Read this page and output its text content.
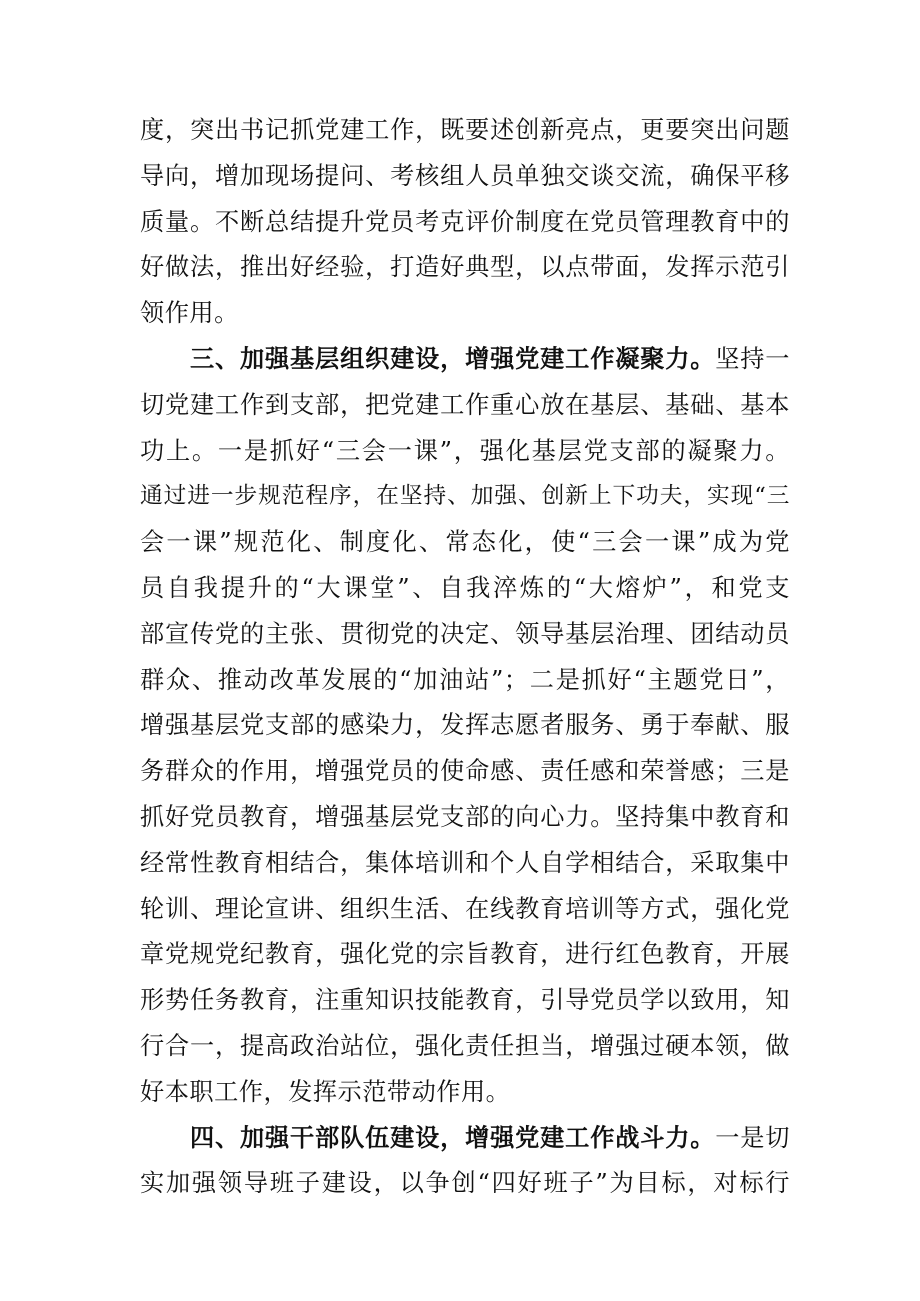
度，突出书记抓党建工作，既要述创新亮点，更要突出问题
导向，增加现场提问、考核组人员单独交谈交流，确保平移
质量。不断总结提升党员考克评价制度在党员管理教育中的
好做法，推出好经验，打造好典型，以点带面，发挥示范引
领作用。
三、加强基层组织建设，增强党建工作凝聚力。坚持一
切党建工作到支部，把党建工作重心放在基层、基础、基本
功上。一是抓好“三会一课”，强化基层党支部的凝聚力。
通过进一步规范程序，在坚持、加强、创新上下功夫，实现“三
会一课”规范化、制度化、常态化，使“三会一课”成为党
员自我提升的“大课堂”、自我淬炼的“大熔炉”，和党支
部宣传党的主张、贯彻党的决定、领导基层治理、团结动员
群众、推动改革发展的“加油站”；二是抓好“主题党日”，
增强基层党支部的感染力，发挥志愿者服务、勇于奉献、服
务群众的作用，增强党员的使命感、责任感和荣誉感；三是
抓好党员教育，增强基层党支部的向心力。坚持集中教育和
经常性教育相结合，集体培训和个人自学相结合，采取集中
轮训、理论宣讲、组织生活、在线教育培训等方式，强化党
章党规党纪教育，强化党的宗旨教育，进行红色教育，开展
形势任务教育，注重知识技能教育，引导党员学以致用，知
行合一，提高政治站位，强化责任担当，增强过硬本领，做
好本职工作，发挥示范带动作用。
四、加强干部队伍建设，增强党建工作战斗力。一是切
实加强领导班子建设，以争创“四好班子”为目标，对标行
